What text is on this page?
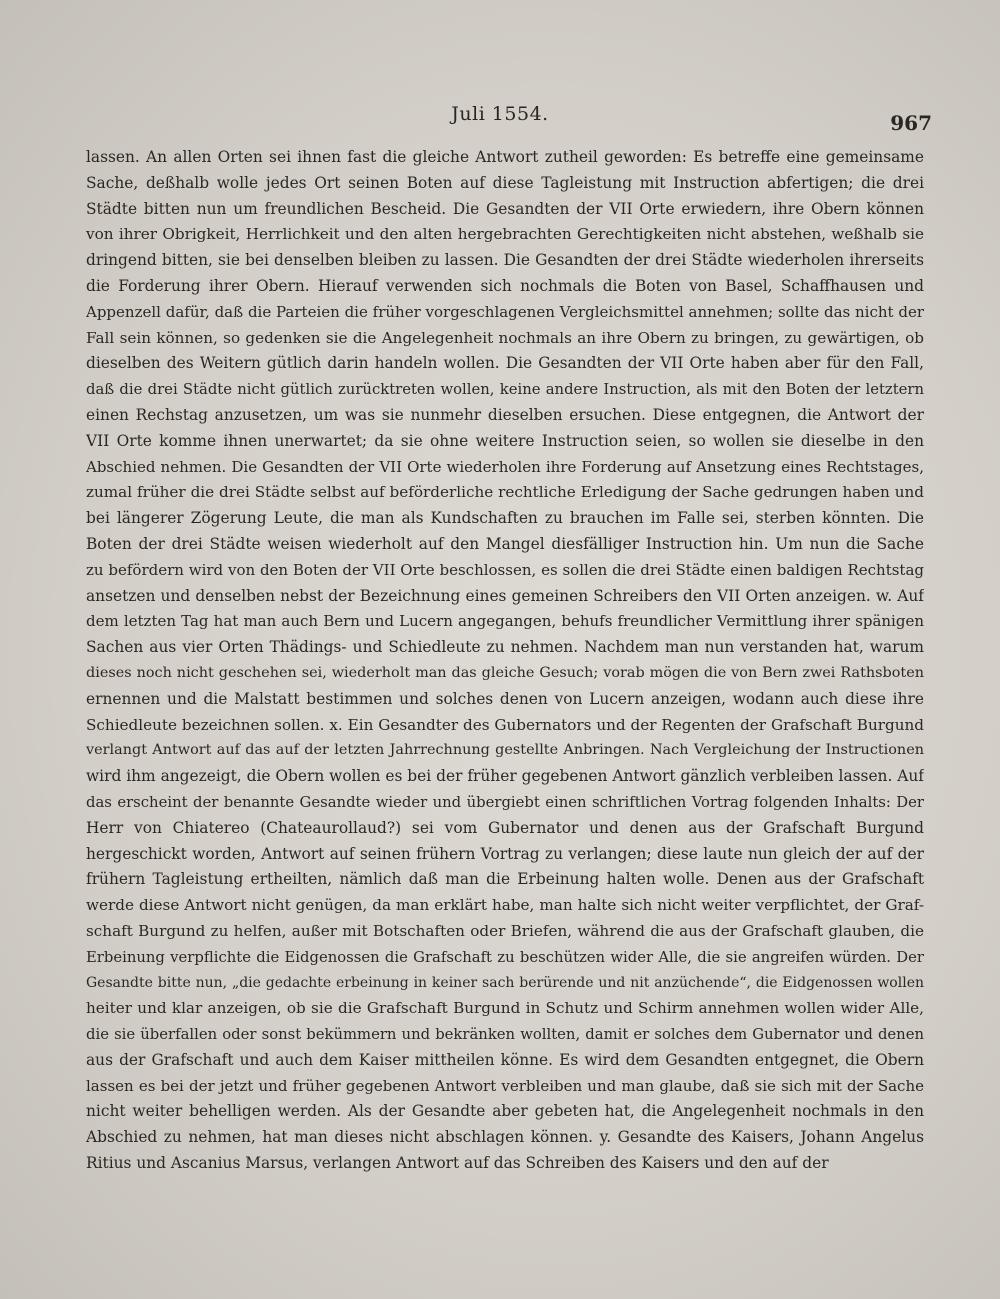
Juli 1554.	967
lassen. An allen Orten sei ihnen fast die gleiche Antwort zutheil geworden: Es betreffe eine gemeinsame
Sache, deßhalb wolle jedes Ort seinen Boten auf diese Tagleistung mit Instruction abfertigen; die drei
Städte bitten nun um freundlichen Bescheid. Die Gesandten der VII Orte erwiedern, ihre Obern können
von ihrer Obrigkeit, Herrlichkeit und den alten hergebrachten Gerechtigkeiten nicht abstehen, weßhalb sie
dringend bitten, sie bei denselben bleiben zu lassen. Die Gesandten der drei Städte wiederholen ihrerseits
die Forderung ihrer Obern. Hierauf verwenden sich nochmals die Boten von Basel, Schaffhausen und
Appenzell dafür, daß die Parteien die früher vorgeschlagenen Vergleichsmittel annehmen; sollte das nicht der
Fall sein können, so gedenken sie die Angelegenheit nochmals an ihre Obern zu bringen, zu gewärtigen, ob
dieselben des Weitern gütlich darin handeln wollen. Die Gesandten der VII Orte haben aber für den Fall,
daß die drei Städte nicht gütlich zurücktreten wollen, keine andere Instruction, als mit den Boten der letztern
einen Rechstag anzusetzen, um was sie nunmehr dieselben ersuchen. Diese entgegnen, die Antwort der
VII Orte komme ihnen unerwartet; da sie ohne weitere Instruction seien, so wollen sie dieselbe in den
Abschied nehmen. Die Gesandten der VII Orte wiederholen ihre Forderung auf Ansetzung eines Rechtstages,
zumal früher die drei Städte selbst auf beförderliche rechtliche Erledigung der Sache gedrungen haben und
bei längerer Zögerung Leute, die man als Kundschaften zu brauchen im Falle sei, sterben könnten. Die
Boten der drei Städte weisen wiederholt auf den Mangel diesfälliger Instruction hin. Um nun die Sache
zu befördern wird von den Boten der VII Orte beschlossen, es sollen die drei Städte einen baldigen Rechtstag
ansetzen und denselben nebst der Bezeichnung eines gemeinen Schreibers den VII Orten anzeigen. w. Auf
dem letzten Tag hat man auch Bern und Lucern angegangen, behufs freundlicher Vermittlung ihrer spänigen
Sachen aus vier Orten Thädings- und Schiedleute zu nehmen. Nachdem man nun verstanden hat, warum
dieses noch nicht geschehen sei, wiederholt man das gleiche Gesuch; vorab mögen die von Bern zwei Rathsboten
ernennen und die Malstatt bestimmen und solches denen von Lucern anzeigen, wodann auch diese ihre
Schiedleute bezeichnen sollen. x. Ein Gesandter des Gubernators und der Regenten der Grafschaft Burgund
verlangt Antwort auf das auf der letzten Jahrrechnung gestellte Anbringen. Nach Vergleichung der Instructionen
wird ihm angezeigt, die Obern wollen es bei der früher gegebenen Antwort gänzlich verbleiben lassen. Auf
das erscheint der benannte Gesandte wieder und übergiebt einen schriftlichen Vortrag folgenden Inhalts: Der
Herr von Chiatereo (Chateaurollaud?) sei vom Gubernator und denen aus der Grafschaft Burgund
hergeschickt worden, Antwort auf seinen frühern Vortrag zu verlangen; diese laute nun gleich der auf der
frühern Tagleistung ertheilten, nämlich daß man die Erbeinung halten wolle. Denen aus der Grafschaft
werde diese Antwort nicht genügen, da man erklärt habe, man halte sich nicht weiter verpflichtet, der Graf-
schaft Burgund zu helfen, außer mit Botschaften oder Briefen, während die aus der Grafschaft glauben, die
Erbeinung verpflichte die Eidgenossen die Grafschaft zu beschützen wider Alle, die sie angreifen würden. Der
Gesandte bitte nun, „die gedachte erbeinung in keiner sach berürende und nit anzüchende“, die Eidgenossen wollen
heiter und klar anzeigen, ob sie die Grafschaft Burgund in Schutz und Schirm annehmen wollen wider Alle,
die sie überfallen oder sonst bekümmern und bekränken wollten, damit er solches dem Gubernator und denen
aus der Grafschaft und auch dem Kaiser mittheilen könne. Es wird dem Gesandten entgegnet, die Obern
lassen es bei der jetzt und früher gegebenen Antwort verbleiben und man glaube, daß sie sich mit der Sache
nicht weiter behelligen werden. Als der Gesandte aber gebeten hat, die Angelegenheit nochmals in den
Abschied zu nehmen, hat man dieses nicht abschlagen können. y. Gesandte des Kaisers, Johann Angelus
Ritius und Ascanius Marsus, verlangen Antwort auf das Schreiben des Kaisers und den auf der
